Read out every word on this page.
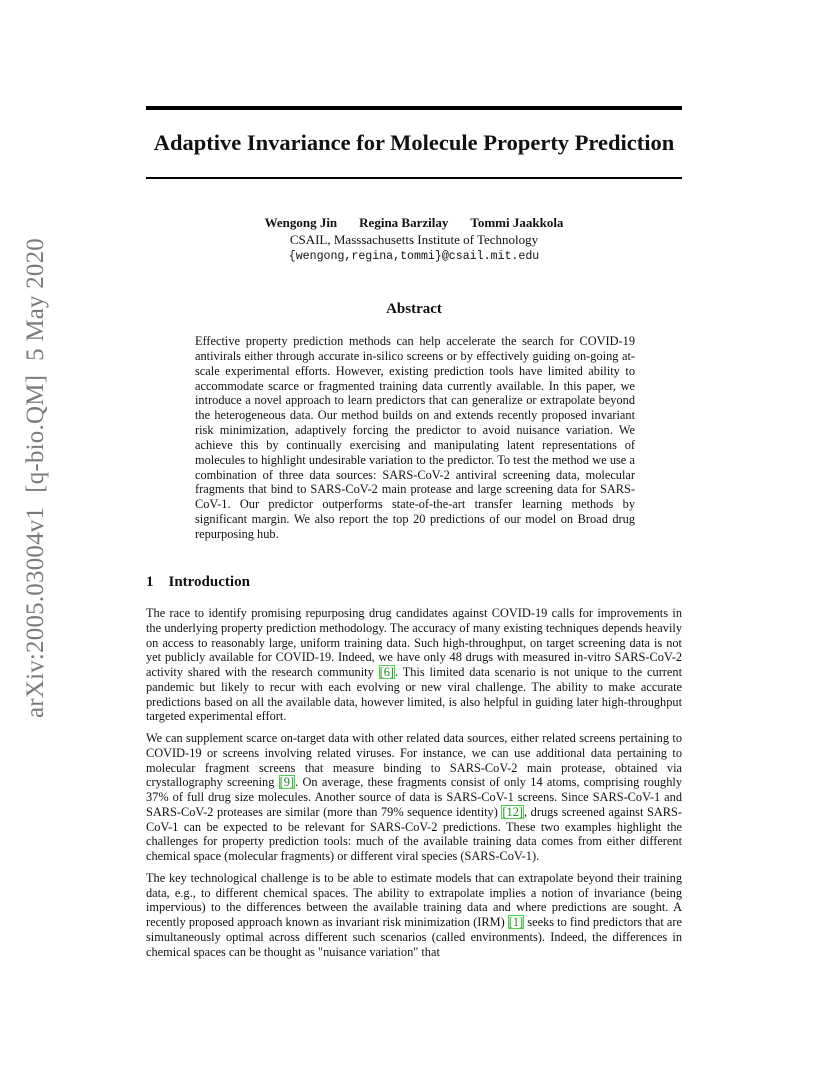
arXiv:2005.03004v1[q-bio.QM]5 May 2020
Adaptive Invariance for Molecule Property Prediction
Wengong Jin Regina Barzilay Tommi Jaakkola
CSAIL, Masssachusetts Institute of Technology
{wengong,regina,tommi}@csail.mit.edu
Abstract

Effective property prediction methods can help accelerate the search for COVID-19 antivirals either through accurate in-silico screens or by effectively guiding on-going at-scale experimental efforts. However, existing prediction tools have limited ability to accommodate scarce or fragmented training data currently available. In this paper, we introduce a novel approach to learn predictors that can generalize or extrapolate beyond the heterogeneous data. Our method builds on and extends recently proposed invariant risk minimization, adaptively forcing the predictor to avoid nuisance variation. We achieve this by continually exercising and manipulating latent representations of molecules to highlight undesirable variation to the predictor. To test the method we use a combination of three data sources: SARS-CoV-2 antiviral screening data, molecular fragments that bind to SARS-CoV-2 main protease and large screening data for SARS-CoV-1. Our predictor outperforms state-of-the-art transfer learning methods by significant margin. We also report the top 20 predictions of our model on Broad drug repurposing hub.

1 Introduction

The race to identify promising repurposing drug candidates against COVID-19 calls for improvements in the underlying property prediction methodology. The accuracy of many existing techniques depends heavily on access to reasonably large, uniform training data. Such high-throughput, on target screening data is not yet publicly available for COVID-19. Indeed, we have only 48 drugs with measured in-vitro SARS-CoV-2 activity shared with the research community [6]. This limited data scenario is not unique to the current pandemic but likely to recur with each evolving or new viral challenge. The ability to make accurate predictions based on all the available data, however limited, is also helpful in guiding later high-throughput targeted experimental effort.

We can supplement scarce on-target data with other related data sources, either related screens pertaining to COVID-19 or screens involving related viruses. For instance, we can use additional data pertaining to molecular fragment screens that measure binding to SARS-CoV-2 main protease, obtained via crystallography screening [9]. On average, these fragments consist of only 14 atoms, comprising roughly 37% of full drug size molecules. Another source of data is SARS-CoV-1 screens. Since SARS-CoV-1 and SARS-CoV-2 proteases are similar (more than 79% sequence identity) [12], drugs screened against SARS-CoV-1 can be expected to be relevant for SARS-CoV-2 predictions. These two examples highlight the challenges for property prediction tools: much of the available training data comes from either different chemical space (molecular fragments) or different viral species (SARS-CoV-1).

The key technological challenge is to be able to estimate models that can extrapolate beyond their training data, e.g., to different chemical spaces. The ability to extrapolate implies a notion of invariance (being impervious) to the differences between the available training data and where predictions are sought. A recently proposed approach known as invariant risk minimization (IRM) [1] seeks to find predictors that are simultaneously optimal across different such scenarios (called environments). Indeed, the differences in chemical spaces can be thought as "nuisance variation" that
